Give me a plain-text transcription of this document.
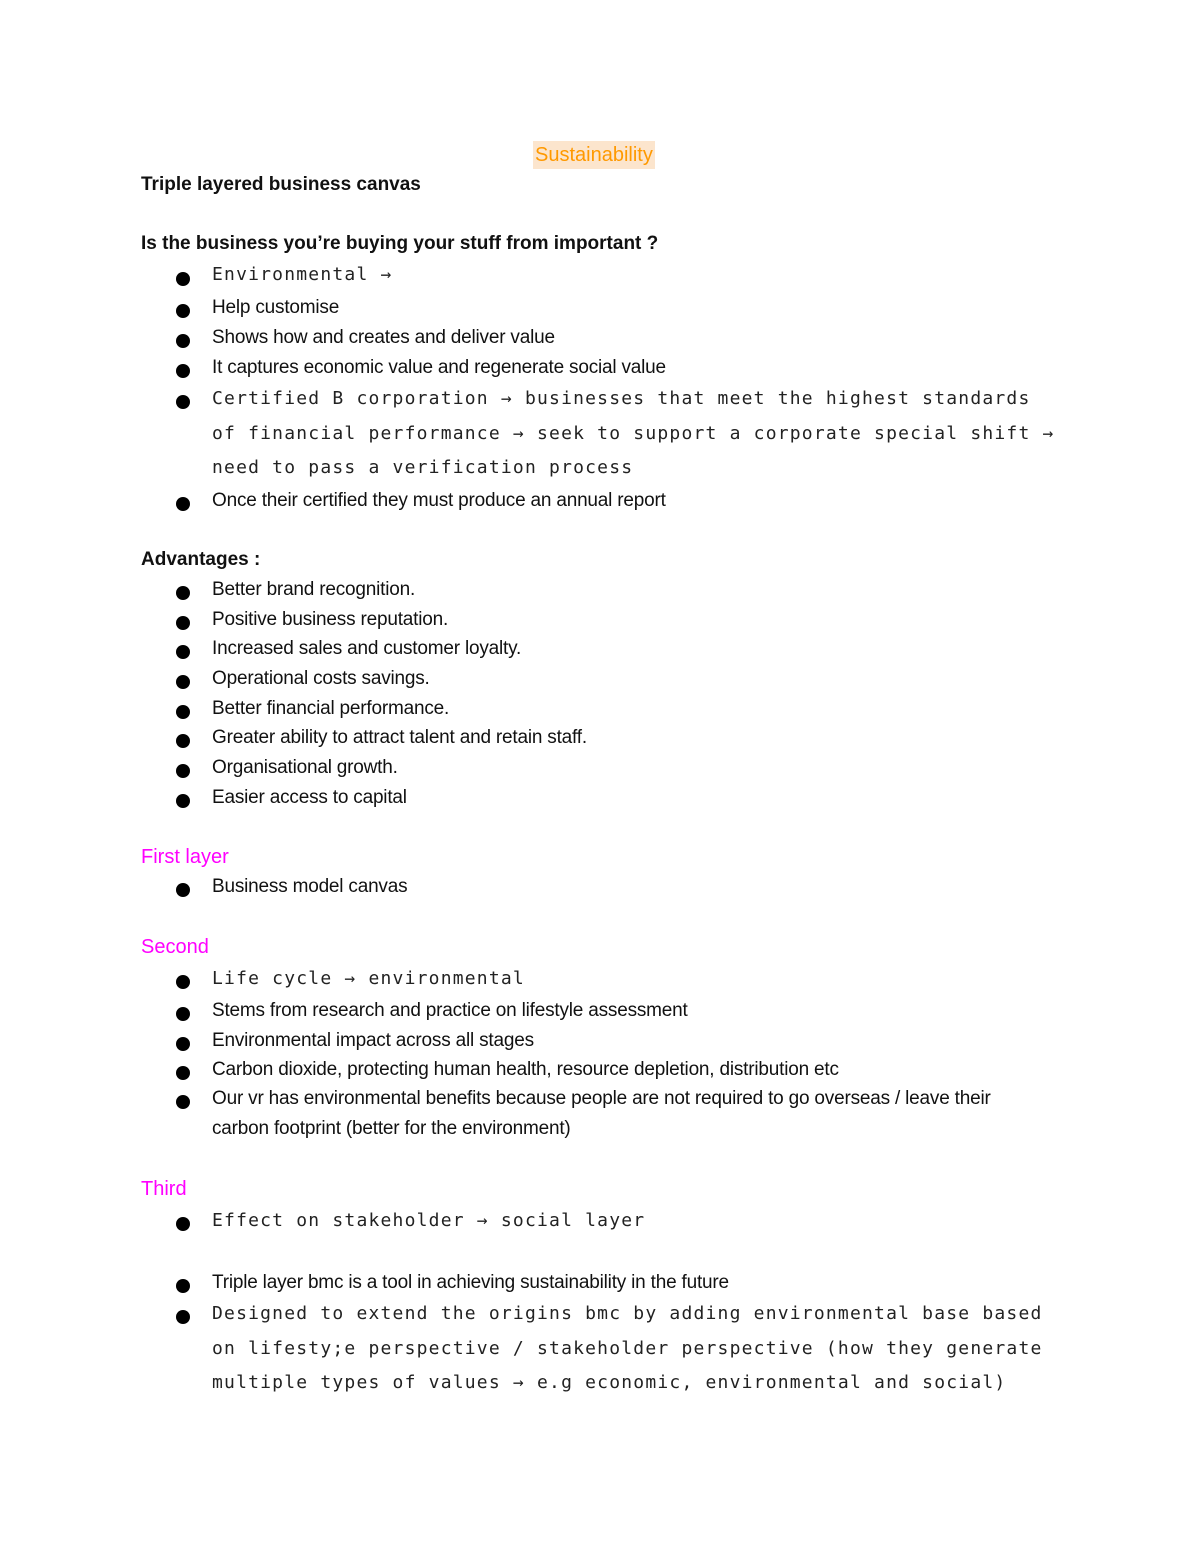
Sustainability
Triple layered business canvas
Is the business you’re buying your stuff from important ?
Environmental →
Help customise
Shows how and creates and deliver value
It captures economic value and regenerate social value
Certified B corporation → businesses that meet the highest standards of financial performance → seek to support a corporate special shift → need to pass a verification process
Once their certified they must produce an annual report
Advantages :
Better brand recognition.
Positive business reputation.
Increased sales and customer loyalty.
Operational costs savings.
Better financial performance.
Greater ability to attract talent and retain staff.
Organisational growth.
Easier access to capital
First layer
Business model canvas
Second
Life cycle → environmental
Stems from research and practice on lifestyle assessment
Environmental impact across all stages
Carbon dioxide, protecting human health, resource depletion, distribution etc
Our vr has environmental benefits because people are not required to go overseas / leave their carbon footprint (better for the environment)
Third
Effect on stakeholder → social layer
Triple layer bmc is a tool in achieving sustainability in the future
Designed to extend the origins bmc by adding environmental base based on lifesty;e perspective / stakeholder perspective (how they generate multiple types of values → e.g economic, environmental and social)
